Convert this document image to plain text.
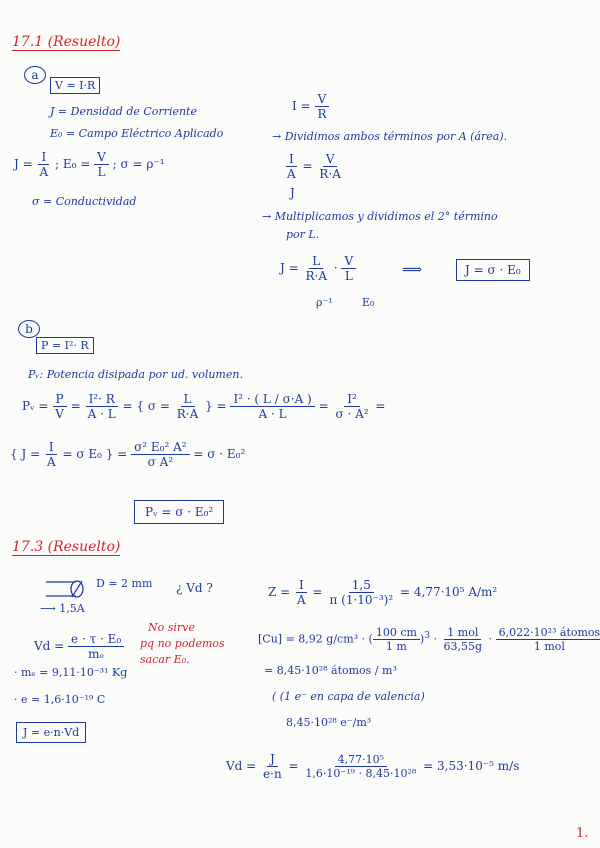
17.1 (Resuelto)
a
V = I·R
J = Densidad de Corriente
E₀ = Campo Eléctrico Aplicado
$J = \frac{I}{A}$ ; $E_0 = \frac{V}{L}$ ; σ = ρ⁻¹
σ = Conductividad
$I = \frac{V}{R}$
→ Dividimos ambos términos por A (área).
$\frac{I}{A} = \frac{V}{R\cdot A}$
J
→ Multiplicamos y dividimos el 2° término
por L.
$J = \frac{L}{R\cdot A} \cdot \frac{V}{L}$
ρ⁻¹	E₀
⟹	J = σ · E₀
b
P = I²· R
Pᵥ: Potencia disipada por ud. volumen.
Pᵥ = $\frac{P}{V} = \frac{\text{I²· R}}{A \cdot L}$ = { $\sigma = \frac{L}{R\cdot A}$ } = $\frac{\text{I² · ( L / σ·A )}}{A \cdot L} = \frac{\text{I²}}{\text{σ · A²}}$ =
{ $J = \frac{I}{A} = \sigma$ E₀ } = $\frac{\text{σ² E₀² A²}}{\text{σ A²}} = \sigma \cdot E_0^2$
Pᵥ = σ · E₀²
17.3 (Resuelto)
D = 2 mm
⟶ 1,5A
¿ Vd ?	$Z = \frac{I}{A} = \frac{1,5}{\text{π (1·10⁻³)²}} = 4,77\cdot 10^5$ A/m²
$Vd = \frac{\text{e · τ · E₀}}{\text{mₑ}}$
No sirve
pq no podemos
sacar E₀.
[Cu] = 8,92 g/cm³ · ( $\frac{100 cm}{1 m} )^3 \cdot \frac{\text{1 mol}}{63,55g} \cdot \frac{\text{6,022·10²³ átomos}}{\text{1 mol}}$
· mₑ = 9,11·10⁻³¹ Kg
· e = 1,6·10⁻¹⁹ C
J = e·n·Vd
= 8,45·10²⁸ átomos / m³
( (1 e⁻ en capa de valencia)
8,45·10²⁸ e⁻/m³
$Vd = \frac{J}{e\cdot n} = \frac{\text{4,77·10⁵}}{\text{1,6·10⁻¹⁹ · 8,45·10²⁸}} = 3,53\cdot 10^{-5}$ m/s
1.
